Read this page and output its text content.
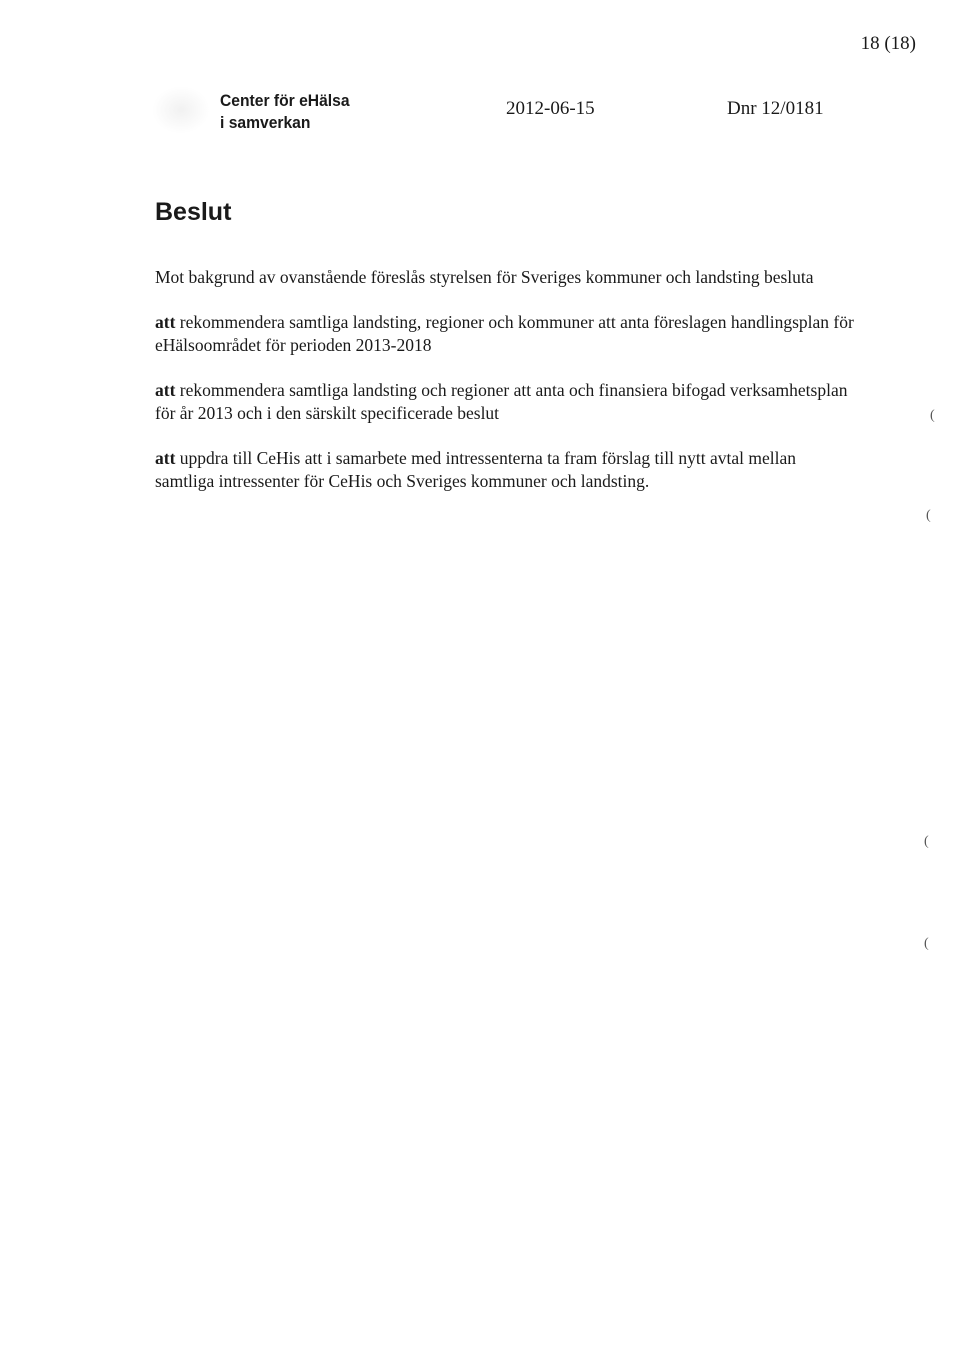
18 (18)
Center för eHälsa
i samverkan
2012-06-15	Dnr 12/0181
Beslut

Mot bakgrund av ovanstående föreslås styrelsen för Sveriges kommuner och landsting besluta

att rekommendera samtliga landsting, regioner och kommuner att anta föreslagen handlingsplan för eHälsoområdet för perioden 2013-2018

att rekommendera samtliga landsting och regioner att anta och finansiera bifogad verksamhetsplan för år 2013 och i den särskilt specificerade beslut

att uppdra till CeHis att i samarbete med intressenterna ta fram förslag till nytt avtal mellan samtliga intressenter för CeHis och Sveriges kommuner och landsting.

(
(
(
(
